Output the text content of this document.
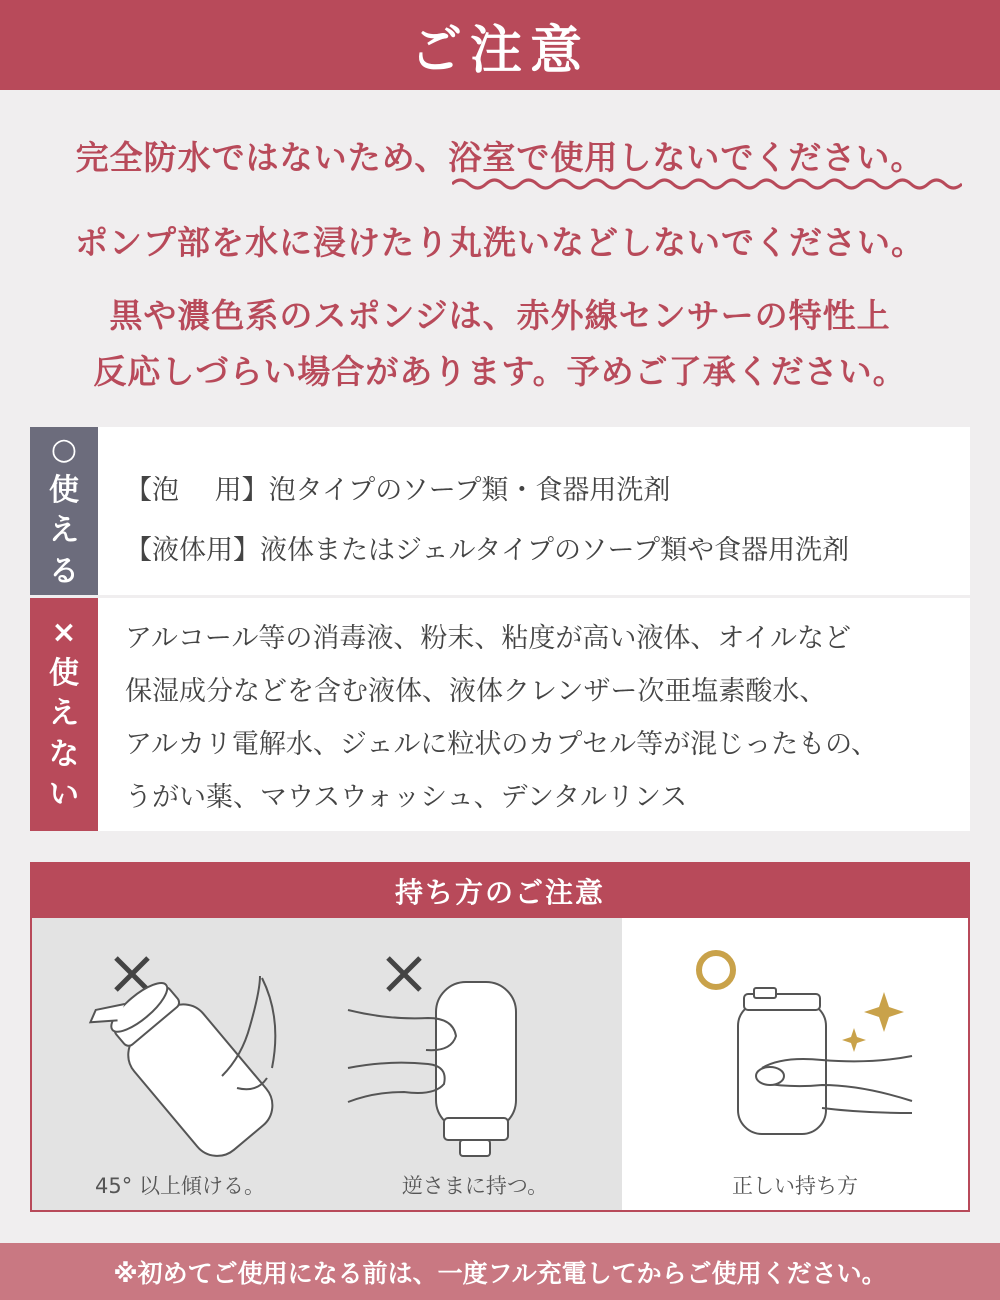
ご注意
完全防水ではないため、浴室で使用しないでください。
ポンプ部を水に浸けたり丸洗いなどしないでください。
黒や濃色系のスポンジは、赤外線センサーの特性上
反応しづらい場合があります。予めご了承ください。
○
使
え
る
【泡　 用】泡タイプのソープ類・食器用洗剤
【液体用】液体またはジェルタイプのソープ類や食器用洗剤
×
使
え
な
い
アルコール等の消毒液、粉末、粘度が高い液体、オイルなど
保湿成分などを含む液体、液体クレンザー次亜塩素酸水、
アルカリ電解水、ジェルに粒状のカプセル等が混じったもの、
うがい薬、マウスウォッシュ、デンタルリンス
持ち方のご注意
45° 以上傾ける。	逆さまに持つ。	正しい持ち方
※初めてご使用になる前は、一度フル充電してからご使用ください。
